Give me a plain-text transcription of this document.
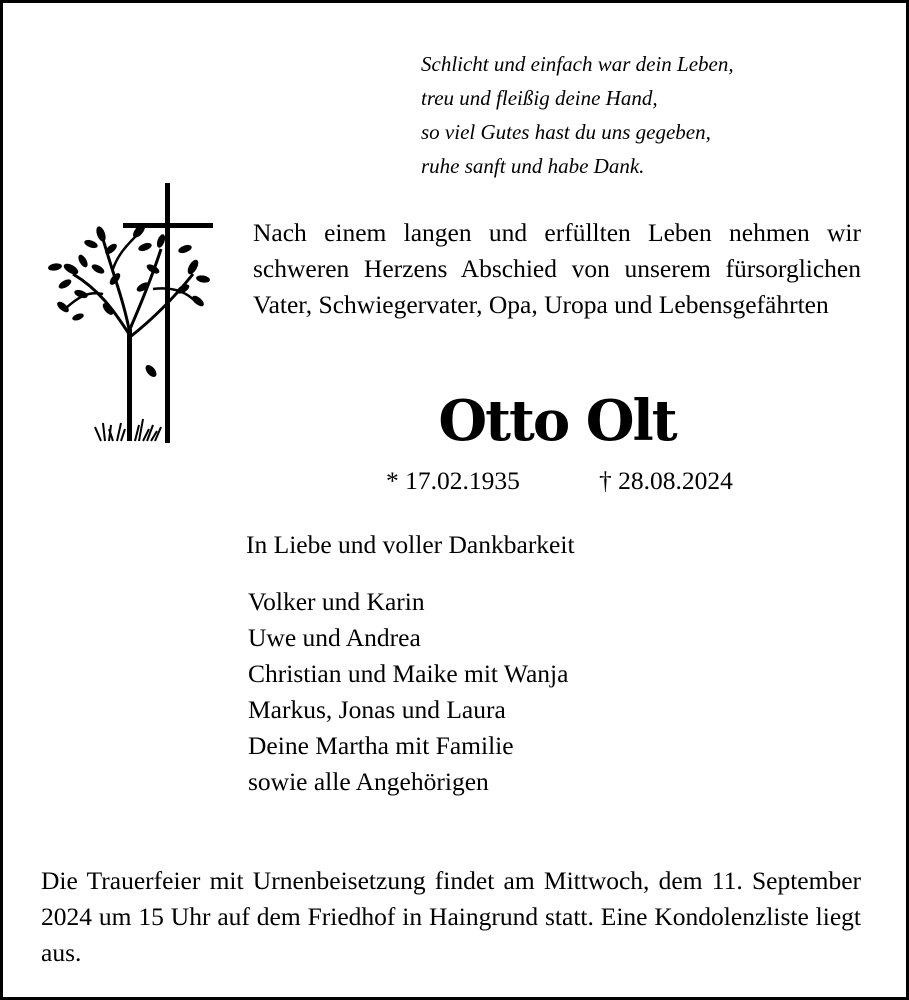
Schlicht und einfach war dein Leben,
treu und fleißig deine Hand,
so viel Gutes hast du uns gegeben,
ruhe sanft und habe Dank.
Nach einem langen und erfüllten Leben nehmen wir schweren Herzens Abschied von unserem fürsorglichen Vater, Schwiegervater, Opa, Uropa und Lebensgefährten
Otto Olt
* 17.02.1935	† 28.08.2024
In Liebe und voller Dankbarkeit
Volker und Karin
Uwe und Andrea
Christian und Maike mit Wanja
Markus, Jonas und Laura
Deine Martha mit Familie
sowie alle Angehörigen
Die Trauerfeier mit Urnenbeisetzung findet am Mittwoch, dem 11. September 2024 um 15 Uhr auf dem Friedhof in Haingrund statt. Eine Kondolenzliste liegt aus.
